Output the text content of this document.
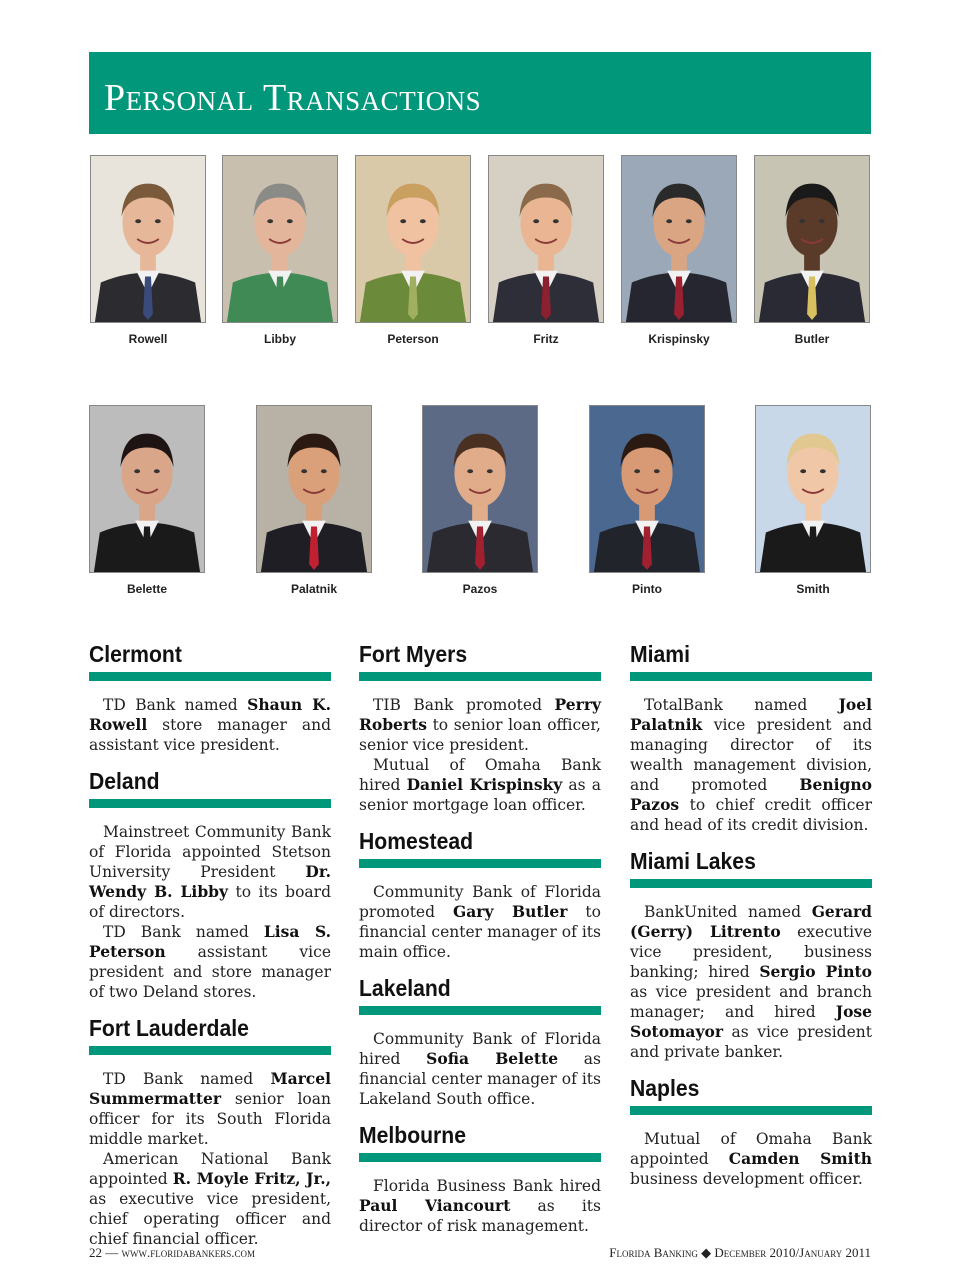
Personal Transactions
Rowell	Libby	Peterson	Fritz	Krispinsky	Butler
Belette	Palatnik	Pazos	Pinto	Smith
Clermont

TD Bank named Shaun K. Rowell store manager and assistant vice president.

Deland

Mainstreet Community Bank of Florida appointed Stetson University President Dr. Wendy B. Libby to its board of directors.

TD Bank named Lisa S. Peterson assistant vice president and store manager of two Deland stores.

Fort Lauderdale

TD Bank named Marcel Summermatter senior loan officer for its South Florida middle market.

American National Bank appointed R. Moyle Fritz, Jr., as executive vice president, chief operating officer and chief financial officer.

Fort Myers

TIB Bank promoted Perry Roberts to senior loan officer, senior vice president.

Mutual of Omaha Bank hired Daniel Krispinsky as a senior mortgage loan officer.

Homestead

Community Bank of Florida promoted Gary Butler to financial center manager of its main office.

Lakeland

Community Bank of Florida hired Sofia Belette as financial center manager of its Lakeland South office.

Melbourne

Florida Business Bank hired Paul Viancourt as its director of risk management.

Miami

TotalBank named Joel Palatnik vice president and managing director of its wealth management division, and promoted Benigno Pazos to chief credit officer and head of its credit division.

Miami Lakes

BankUnited named Gerard (Gerry) Litrento executive vice president, business banking; hired Sergio Pinto as vice president and branch manager; and hired Jose Sotomayor as vice president and private banker.

Naples

Mutual of Omaha Bank appointed Camden Smith business development officer.

22 — www.floridabankers.com	Florida Banking ◆ December 2010/January 2011
